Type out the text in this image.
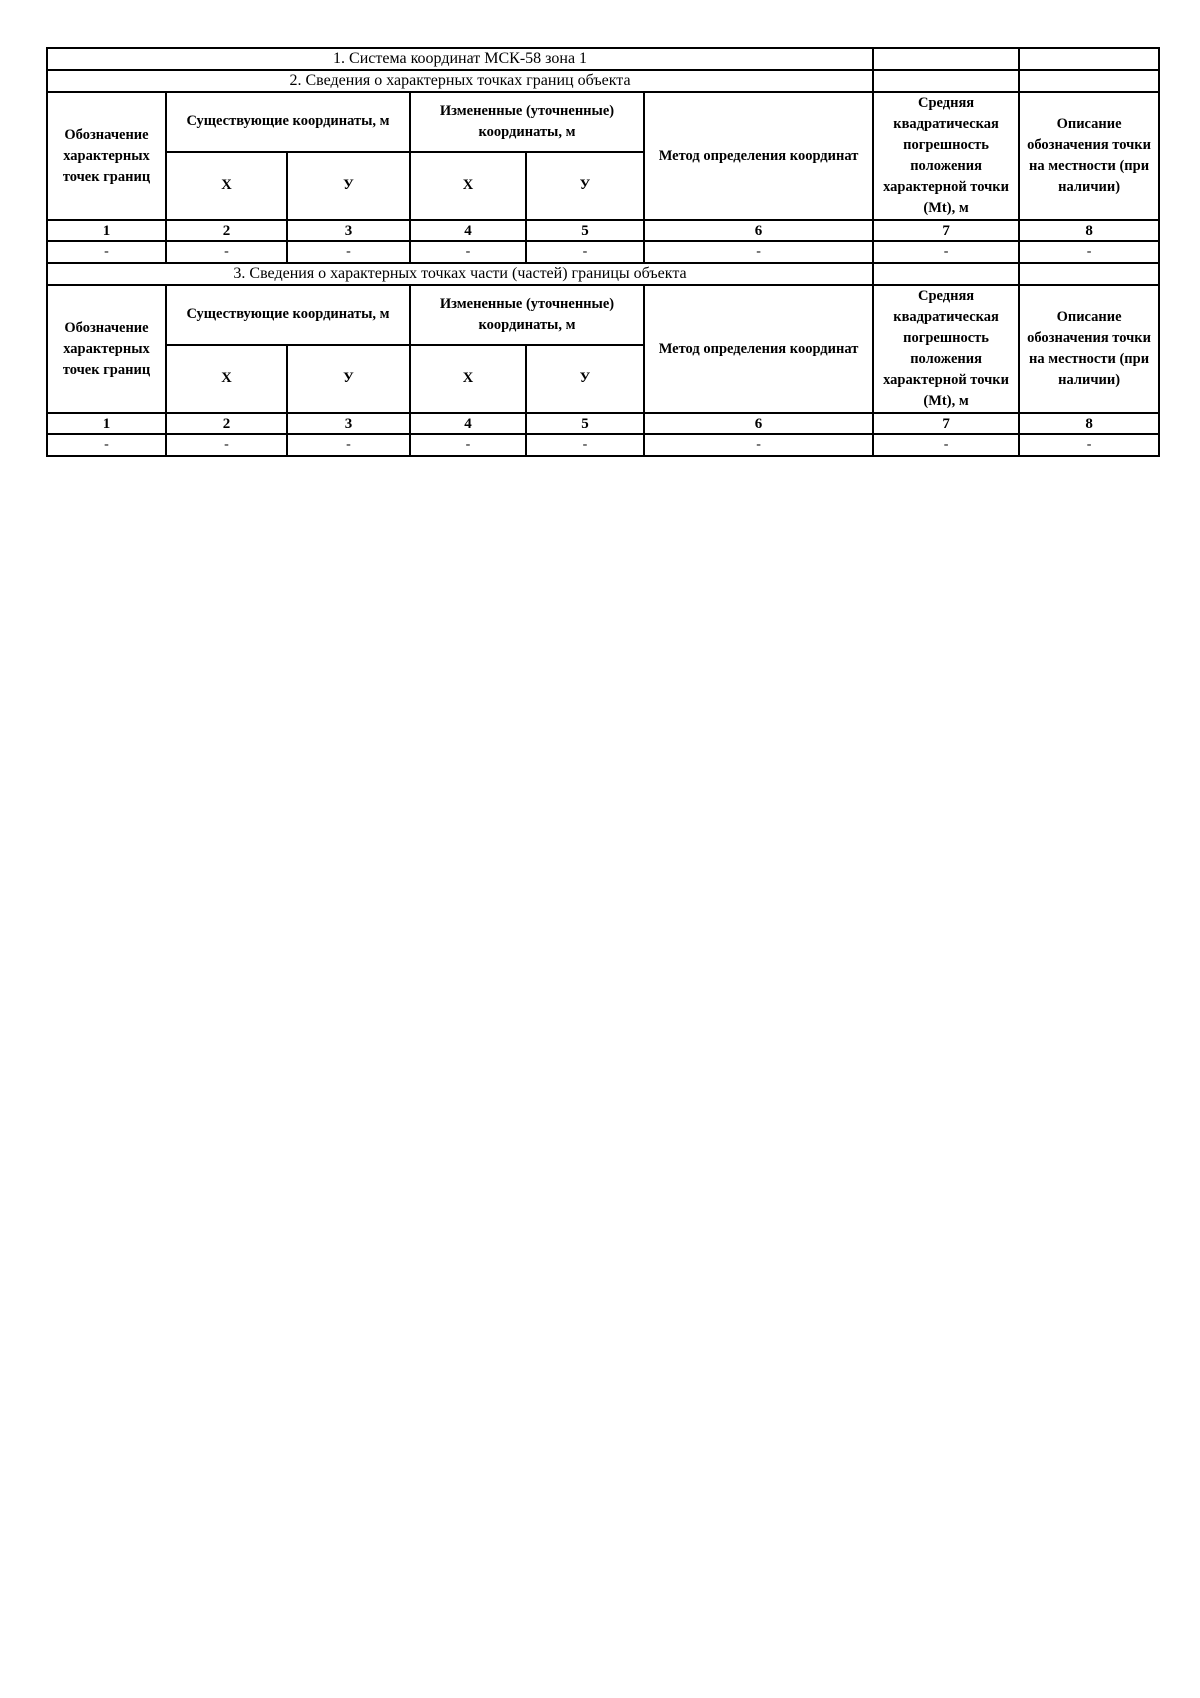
1. Система координат МСК-58 зона 1							
2. Сведения о характерных точках границ объекта							
Обозначение характерных точек границ	Существующие координаты, м		Измененные (уточненные) координаты, м		Метод определения координат	Средняя квадратическая погрешность положения характерной точки (Mt), м	Описание обозначения точки на местности (при наличии)
	Х	У	Х	У			
1	2	3	4	5	6	7	8
-	-	-	-	-	-	-	-
3. Сведения о характерных точках части (частей) границы объекта							
Обозначение характерных точек границ	Существующие координаты, м		Измененные (уточненные) координаты, м		Метод определения координат	Средняя квадратическая погрешность положения характерной точки (Mt), м	Описание обозначения точки на местности (при наличии)
	Х	У	Х	У			
1	2	3	4	5	6	7	8
-	-	-	-	-	-	-	-
